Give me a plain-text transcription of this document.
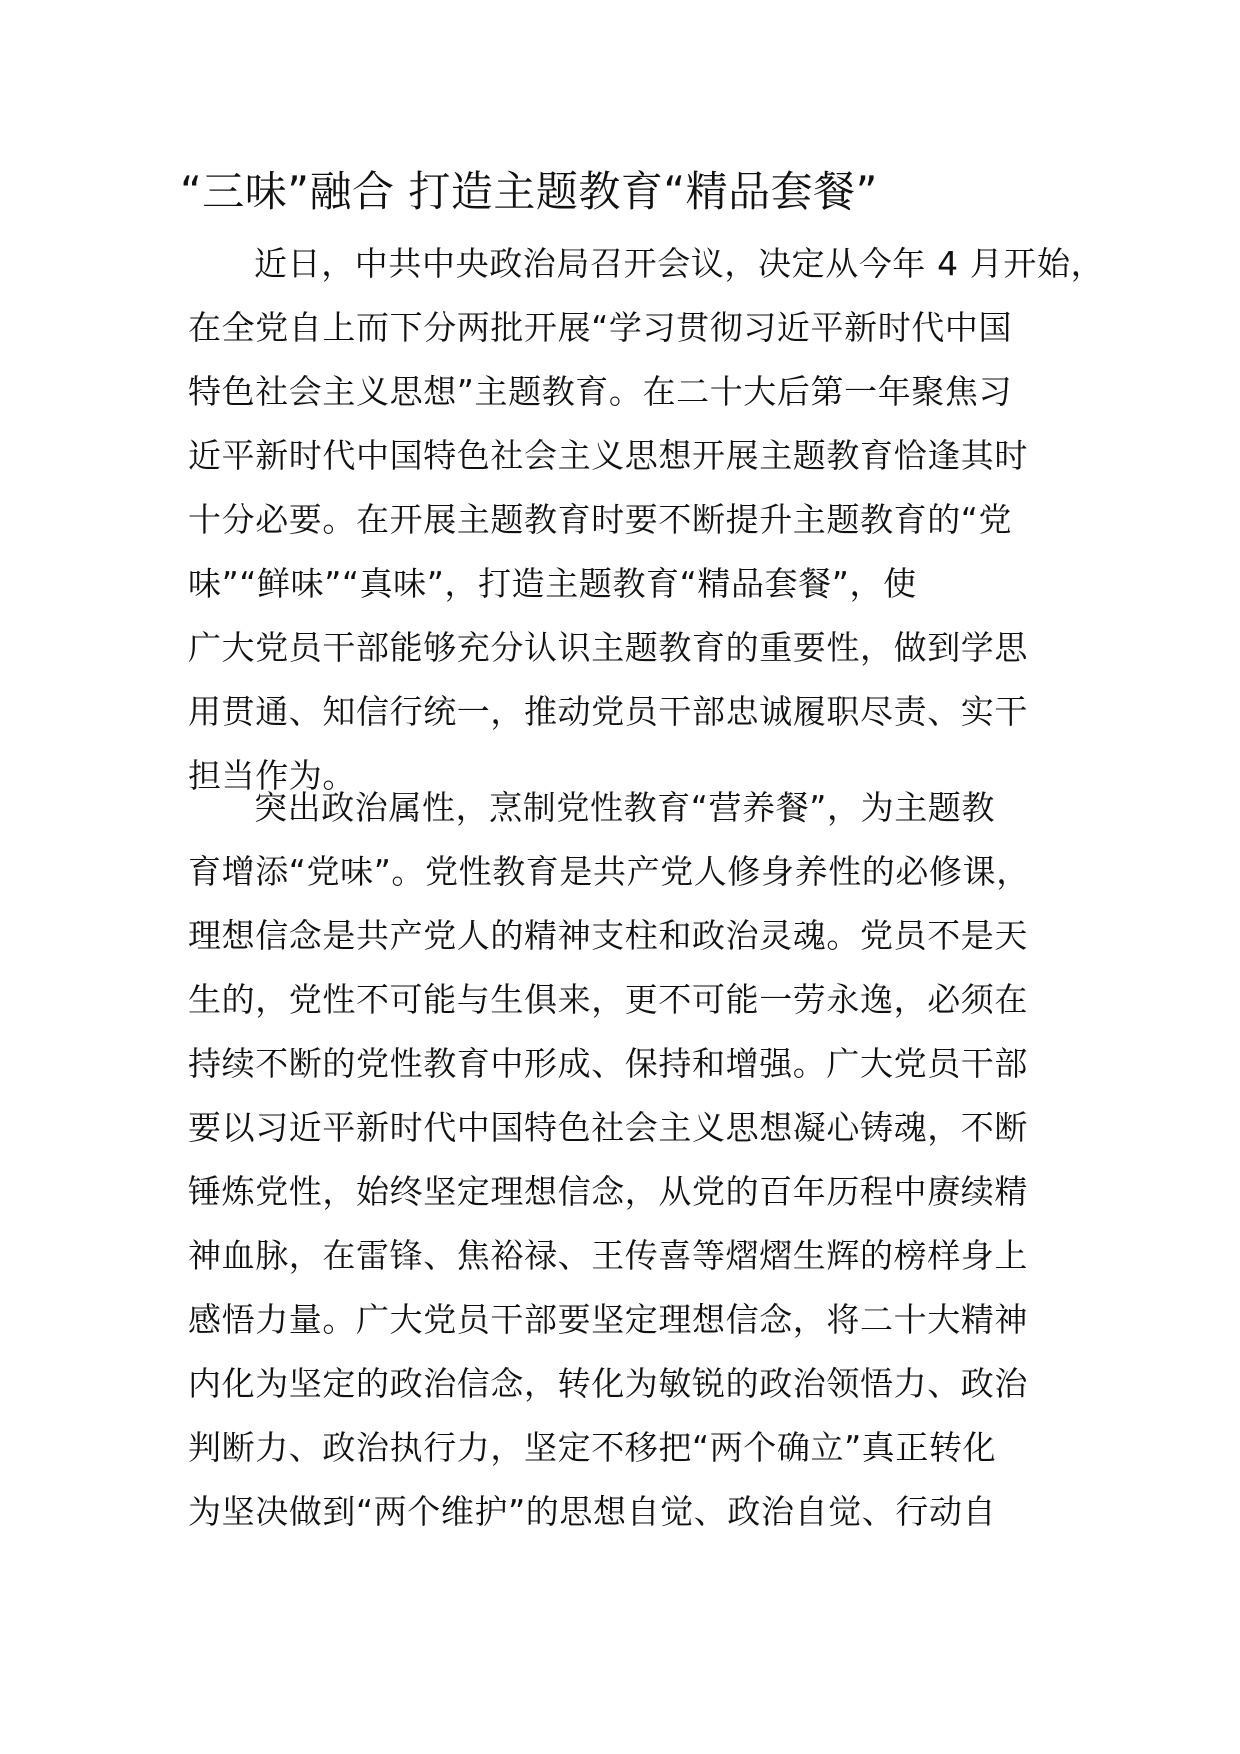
“三味”融合 打造主题教育“精品套餐”
近日，中共中央政治局召开会议，决定从今年 4 月开始，
在全党自上而下分两批开展“学习贯彻习近平新时代中国
特色社会主义思想”主题教育。在二十大后第一年聚焦习
近平新时代中国特色社会主义思想开展主题教育恰逢其时
十分必要。在开展主题教育时要不断提升主题教育的“党
味”“鲜味”“真味”，打造主题教育“精品套餐”，使
广大党员干部能够充分认识主题教育的重要性，做到学思
用贯通、知信行统一，推动党员干部忠诚履职尽责、实干
担当作为。
突出政治属性，烹制党性教育“营养餐”，为主题教
育增添“党味”。党性教育是共产党人修身养性的必修课，
理想信念是共产党人的精神支柱和政治灵魂。党员不是天
生的，党性不可能与生俱来，更不可能一劳永逸，必须在
持续不断的党性教育中形成、保持和增强。广大党员干部
要以习近平新时代中国特色社会主义思想凝心铸魂，不断
锤炼党性，始终坚定理想信念，从党的百年历程中赓续精
神血脉，在雷锋、焦裕禄、王传喜等熠熠生辉的榜样身上
感悟力量。广大党员干部要坚定理想信念，将二十大精神
内化为坚定的政治信念，转化为敏锐的政治领悟力、政治
判断力、政治执行力，坚定不移把“两个确立”真正转化
为坚决做到“两个维护”的思想自觉、政治自觉、行动自
